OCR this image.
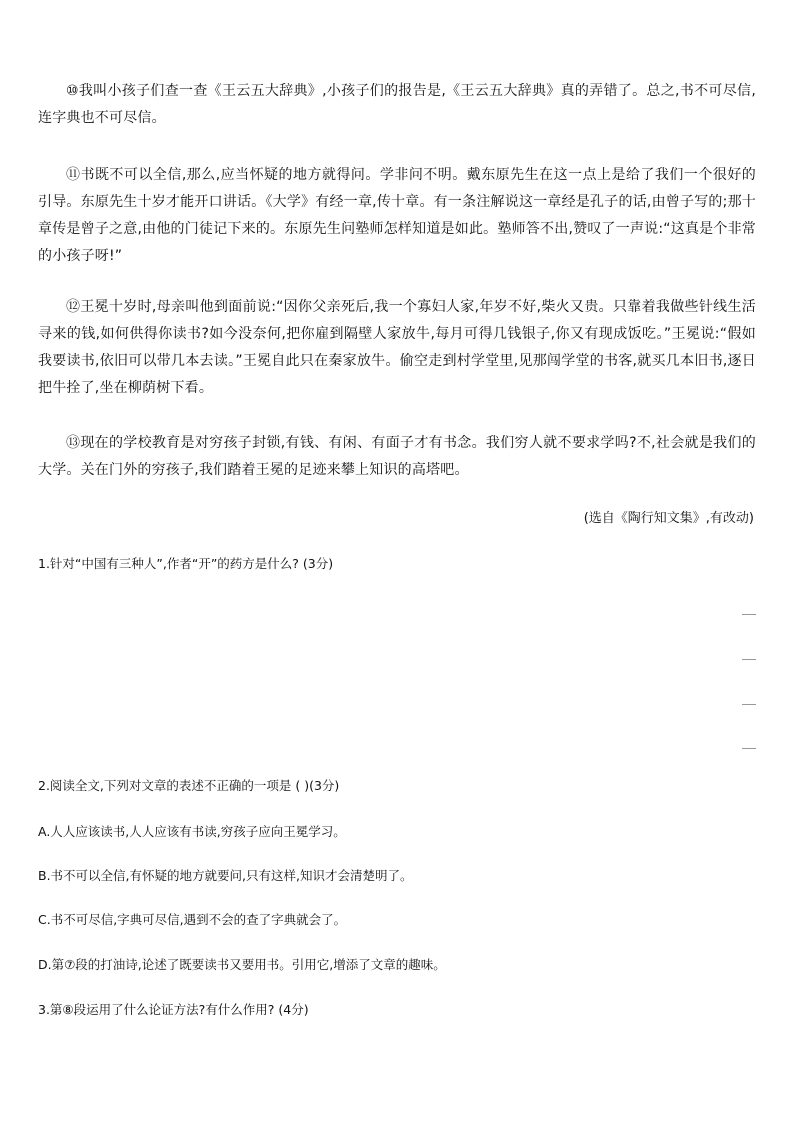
⑩我叫小孩子们查一查《王云五大辞典》,小孩子们的报告是,《王云五大辞典》真的弄错了。总之,书不可尽信,连字典也不可尽信。

⑪书既不可以全信,那么,应当怀疑的地方就得问。学非问不明。戴东原先生在这一点上是给了我们一个很好的引导。东原先生十岁才能开口讲话。《大学》有经一章,传十章。有一条注解说这一章经是孔子的话,由曾子写的;那十章传是曾子之意,由他的门徒记下来的。东原先生问塾师怎样知道是如此。塾师答不出,赞叹了一声说:“这真是个非常的小孩子呀!”

⑫王冕十岁时,母亲叫他到面前说:“因你父亲死后,我一个寡妇人家,年岁不好,柴火又贵。只靠着我做些针线生活寻来的钱,如何供得你读书?如今没奈何,把你雇到隔壁人家放牛,每月可得几钱银子,你又有现成饭吃。”王冕说:“假如我要读书,依旧可以带几本去读。”王冕自此只在秦家放牛。偷空走到村学堂里,见那闯学堂的书客,就买几本旧书,逐日把牛拴了,坐在柳荫树下看。

⑬现在的学校教育是对穷孩子封锁,有钱、有闲、有面子才有书念。我们穷人就不要求学吗?不,社会就是我们的大学。关在门外的穷孩子,我们踏着王冕的足迹来攀上知识的高塔吧。

(选自《陶行知文集》,有改动)

1.针对“中国有三种人”,作者“开”的药方是什么? (3分)

2.阅读全文,下列对文章的表述不正确的一项是 ( )(3分)

A.人人应该读书,人人应该有书读,穷孩子应向王冕学习。

B.书不可以全信,有怀疑的地方就要问,只有这样,知识才会清楚明了。

C.书不可尽信,字典可尽信,遇到不会的查了字典就会了。

D.第⑦段的打油诗,论述了既要读书又要用书。引用它,增添了文章的趣味。

3.第⑧段运用了什么论证方法?有什么作用? (4分)
